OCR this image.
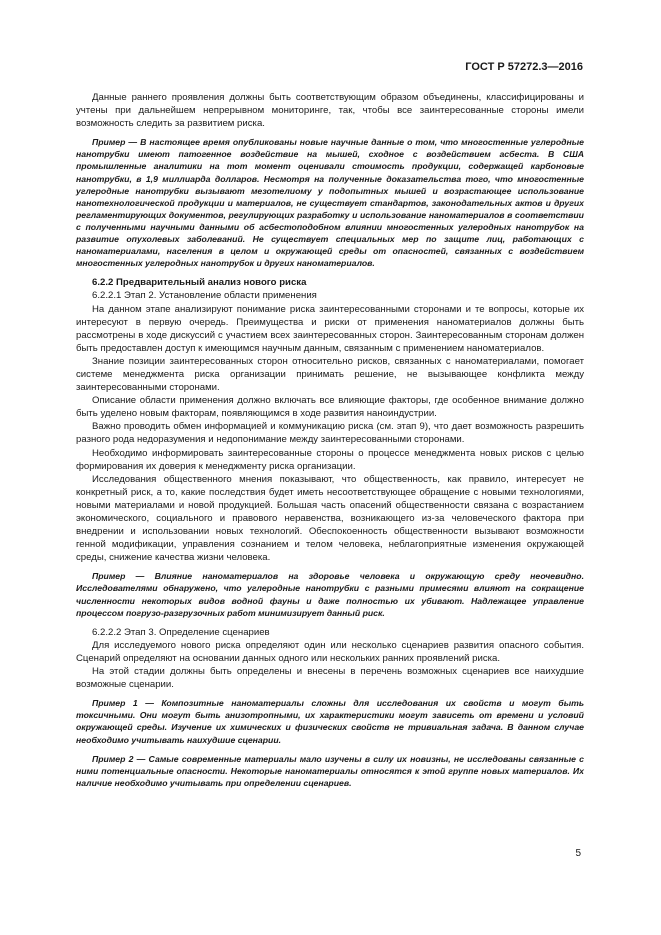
ГОСТ Р 57272.3—2016

Данные раннего проявления должны быть соответствующим образом объединены, классифицированы и учтены при дальнейшем непрерывном мониторинге, так, чтобы все заинтересованные стороны имели возможность следить за развитием риска.

Пример — В настоящее время опубликованы новые научные данные о том, что многостенные углеродные нанотрубки имеют патогенное воздействие на мышей, сходное с воздействием асбеста. В США промышленные аналитики на тот момент оценивали стоимость продукции, содержащей карбоновые нанотрубки, в 1,9 миллиарда долларов. Несмотря на полученные доказательства того, что многостенные углеродные нанотрубки вызывают мезотелиому у подопытных мышей и возрастающее использование нанотехнологической продукции и материалов, не существует стандартов, законодательных актов и других регламентирующих документов, регулирующих разработку и использование наноматериалов в соответствии с полученными научными данными об асбестоподобном влиянии многостенных углеродных нанотрубок на развитие опухолевых заболеваний. Не существует специальных мер по защите лиц, работающих с наноматериалами, населения в целом и окружающей среды от опасностей, связанных с воздействием многостенных углеродных нанотрубок и других наноматериалов.

6.2.2 Предварительный анализ нового риска

6.2.2.1 Этап 2. Установление области применения

На данном этапе анализируют понимание риска заинтересованными сторонами и те вопросы, которые их интересуют в первую очередь. Преимущества и риски от применения наноматериалов должны быть рассмотрены в ходе дискуссий с участием всех заинтересованных сторон. Заинтересованным сторонам должен быть предоставлен доступ к имеющимся научным данным, связанным с применением наноматериалов.

Знание позиции заинтересованных сторон относительно рисков, связанных с наноматериалами, помогает системе менеджмента риска организации принимать решение, не вызывающее конфликта между заинтересованными сторонами.

Описание области применения должно включать все влияющие факторы, где особенное внимание должно быть уделено новым факторам, появляющимся в ходе развития наноиндустрии.

Важно проводить обмен информацией и коммуникацию риска (см. этап 9), что дает возможность разрешить разного рода недоразумения и недопонимание между заинтересованными сторонами.

Необходимо информировать заинтересованные стороны о процессе менеджмента новых рисков с целью формирования их доверия к менеджменту риска организации.

Исследования общественного мнения показывают, что общественность, как правило, интересует не конкретный риск, а то, какие последствия будет иметь несоответствующее обращение с новыми технологиями, новыми материалами и новой продукцией. Большая часть опасений общественности связана с возрастанием экономического, социального и правового неравенства, возникающего из-за человеческого фактора при внедрении и использовании новых технологий. Обеспокоенность общественности вызывают возможности генной модификации, управления сознанием и телом человека, неблагоприятные изменения окружающей среды, снижение качества жизни человека.

Пример — Влияние наноматериалов на здоровье человека и окружающую среду неочевидно. Исследователями обнаружено, что углеродные нанотрубки с разными примесями влияют на сокращение численности некоторых видов водной фауны и даже полностью их убивают. Надлежащее управление процессом погрузо-разгрузочных работ минимизирует данный риск.

6.2.2.2 Этап 3. Определение сценариев

Для исследуемого нового риска определяют один или несколько сценариев развития опасного события. Сценарий определяют на основании данных одного или нескольких ранних проявлений риска.

На этой стадии должны быть определены и внесены в перечень возможных сценариев все наихудшие возможные сценарии.

Пример 1 — Композитные наноматериалы сложны для исследования их свойств и могут быть токсичными. Они могут быть анизотропными, их характеристики могут зависеть от времени и условий окружающей среды. Изучение их химических и физических свойств не тривиальная задача. В данном случае необходимо учитывать наихудшие сценарии.

Пример 2 — Самые современные материалы мало изучены в силу их новизны, не исследованы связанные с ними потенциальные опасности. Некоторые наноматериалы относятся к этой группе новых материалов. Их наличие необходимо учитывать при определении сценариев.

5
